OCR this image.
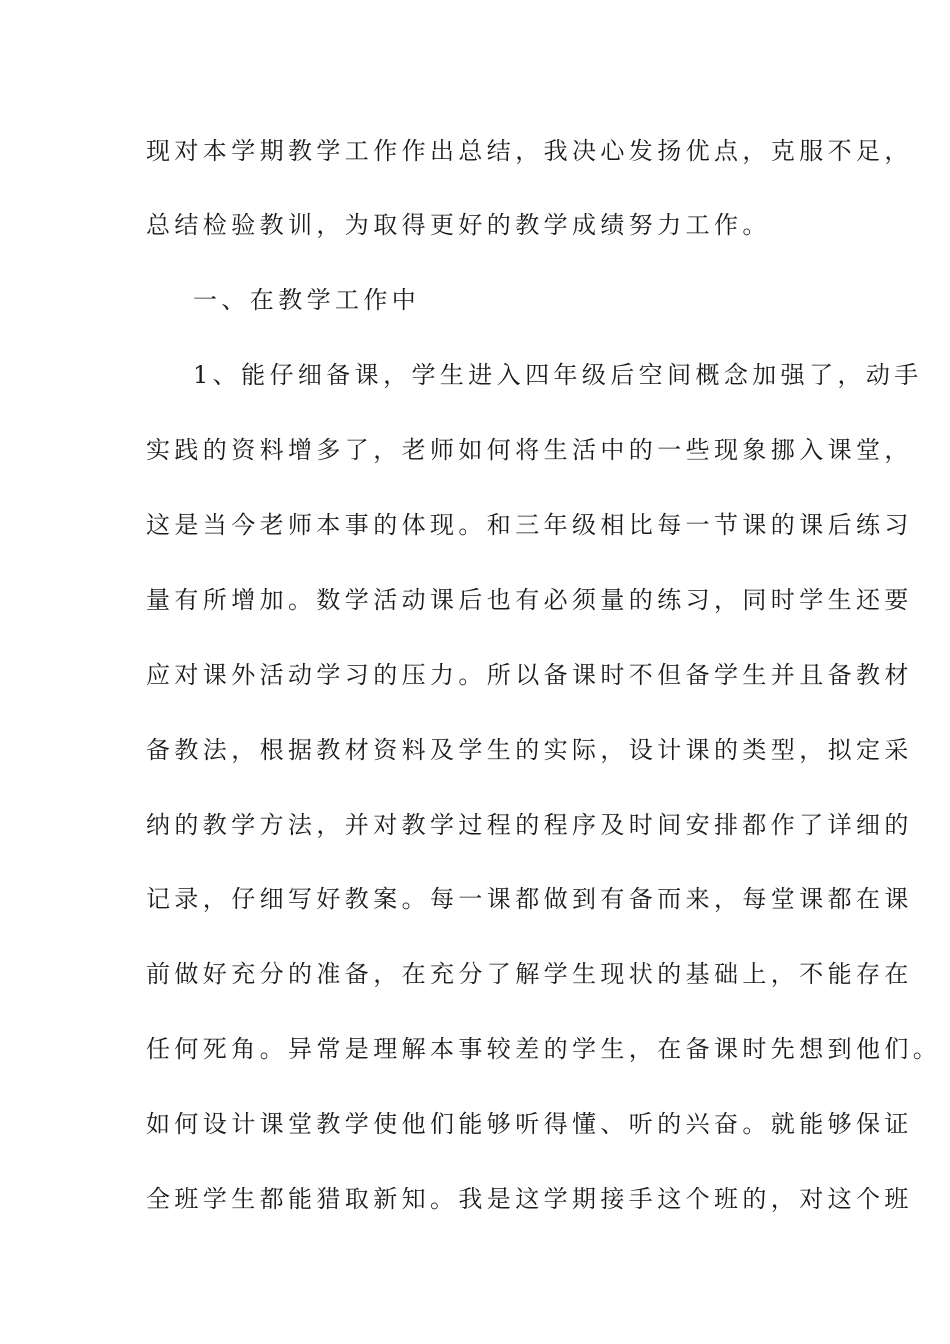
现对本学期教学工作作出总结，我决心发扬优点，克服不足，
总结检验教训，为取得更好的教学成绩努力工作。
一、在教学工作中
1、能仔细备课，学生进入四年级后空间概念加强了，动手
实践的资料增多了，老师如何将生活中的一些现象挪入课堂，
这是当今老师本事的体现。和三年级相比每一节课的课后练习
量有所增加。数学活动课后也有必须量的练习，同时学生还要
应对课外活动学习的压力。所以备课时不但备学生并且备教材
备教法，根据教材资料及学生的实际，设计课的类型，拟定采
纳的教学方法，并对教学过程的程序及时间安排都作了详细的
记录，仔细写好教案。每一课都做到有备而来，每堂课都在课
前做好充分的准备，在充分了解学生现状的基础上，不能存在
任何死角。异常是理解本事较差的学生，在备课时先想到他们。
如何设计课堂教学使他们能够听得懂、听的兴奋。就能够保证
全班学生都能猎取新知。我是这学期接手这个班的，对这个班
